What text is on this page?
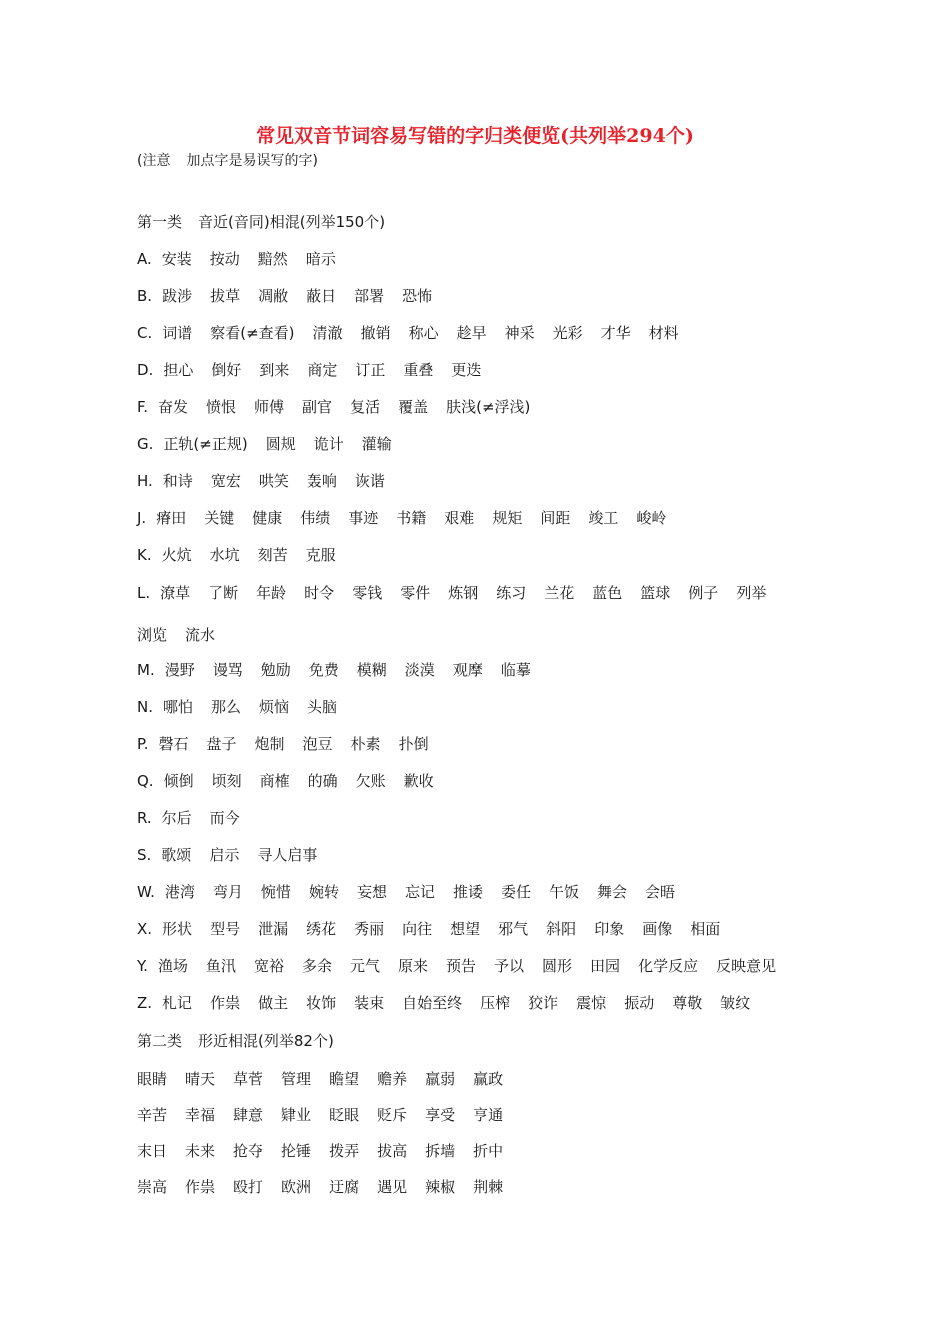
常见双音节词容易写错的字归类便览(共列举294个)
(注意 加点字是易误写的字)
第一类 音近(音同)相混(列举150个)
A. 安装 按动 黯然 暗示
B. 跋涉 拔草 凋敝 蔽日 部署 恐怖
C. 词谱 察看(≠查看) 清澈 撤销 称心 趁早 神采 光彩 才华 材料
D. 担心 倒好 到来 商定 订正 重叠 更迭
F. 奋发 愤恨 师傅 副官 复活 覆盖 肤浅(≠浮浅)
G. 正轨(≠正规) 圆规 诡计 灌输
H. 和诗 宽宏 哄笑 轰响 诙谐
J. 瘠田 关键 健康 伟绩 事迹 书籍 艰难 规矩 间距 竣工 峻岭
K. 火炕 水坑 刻苦 克服
L. 潦草 了断 年龄 时令 零钱 零件 炼钢 练习 兰花 蓝色 篮球 例子 列举
浏览 流水
M. 漫野 谩骂 勉励 免费 模糊 淡漠 观摩 临摹
N. 哪怕 那么 烦恼 头脑
P. 磬石 盘子 炮制 泡豆 朴素 扑倒
Q. 倾倒 顷刻 商榷 的确 欠账 歉收
R. 尔后 而今
S. 歌颂 启示 寻人启事
W. 港湾 弯月 惋惜 婉转 妄想 忘记 推诿 委任 午饭 舞会 会晤
X. 形状 型号 泄漏 绣花 秀丽 向往 想望 邪气 斜阳 印象 画像 相面
Y. 渔场 鱼汛 宽裕 多余 元气 原来 预告 予以 圆形 田园 化学反应 反映意见
Z. 札记 作祟 做主 妆饰 装束 自始至终 压榨 狡诈 震惊 振动 尊敬 皱纹
第二类 形近相混(列举82个)
眼睛 晴天 草菅 管理 瞻望 赡养 羸弱 赢政
辛苦 幸福 肆意 肄业 眨眼 贬斥 享受 亨通
末日 未来 抢夺 抡锤 拨弄 拔高 拆墙 折中
崇高 作祟 殴打 欧洲 迂腐 遇见 辣椒 荆棘
